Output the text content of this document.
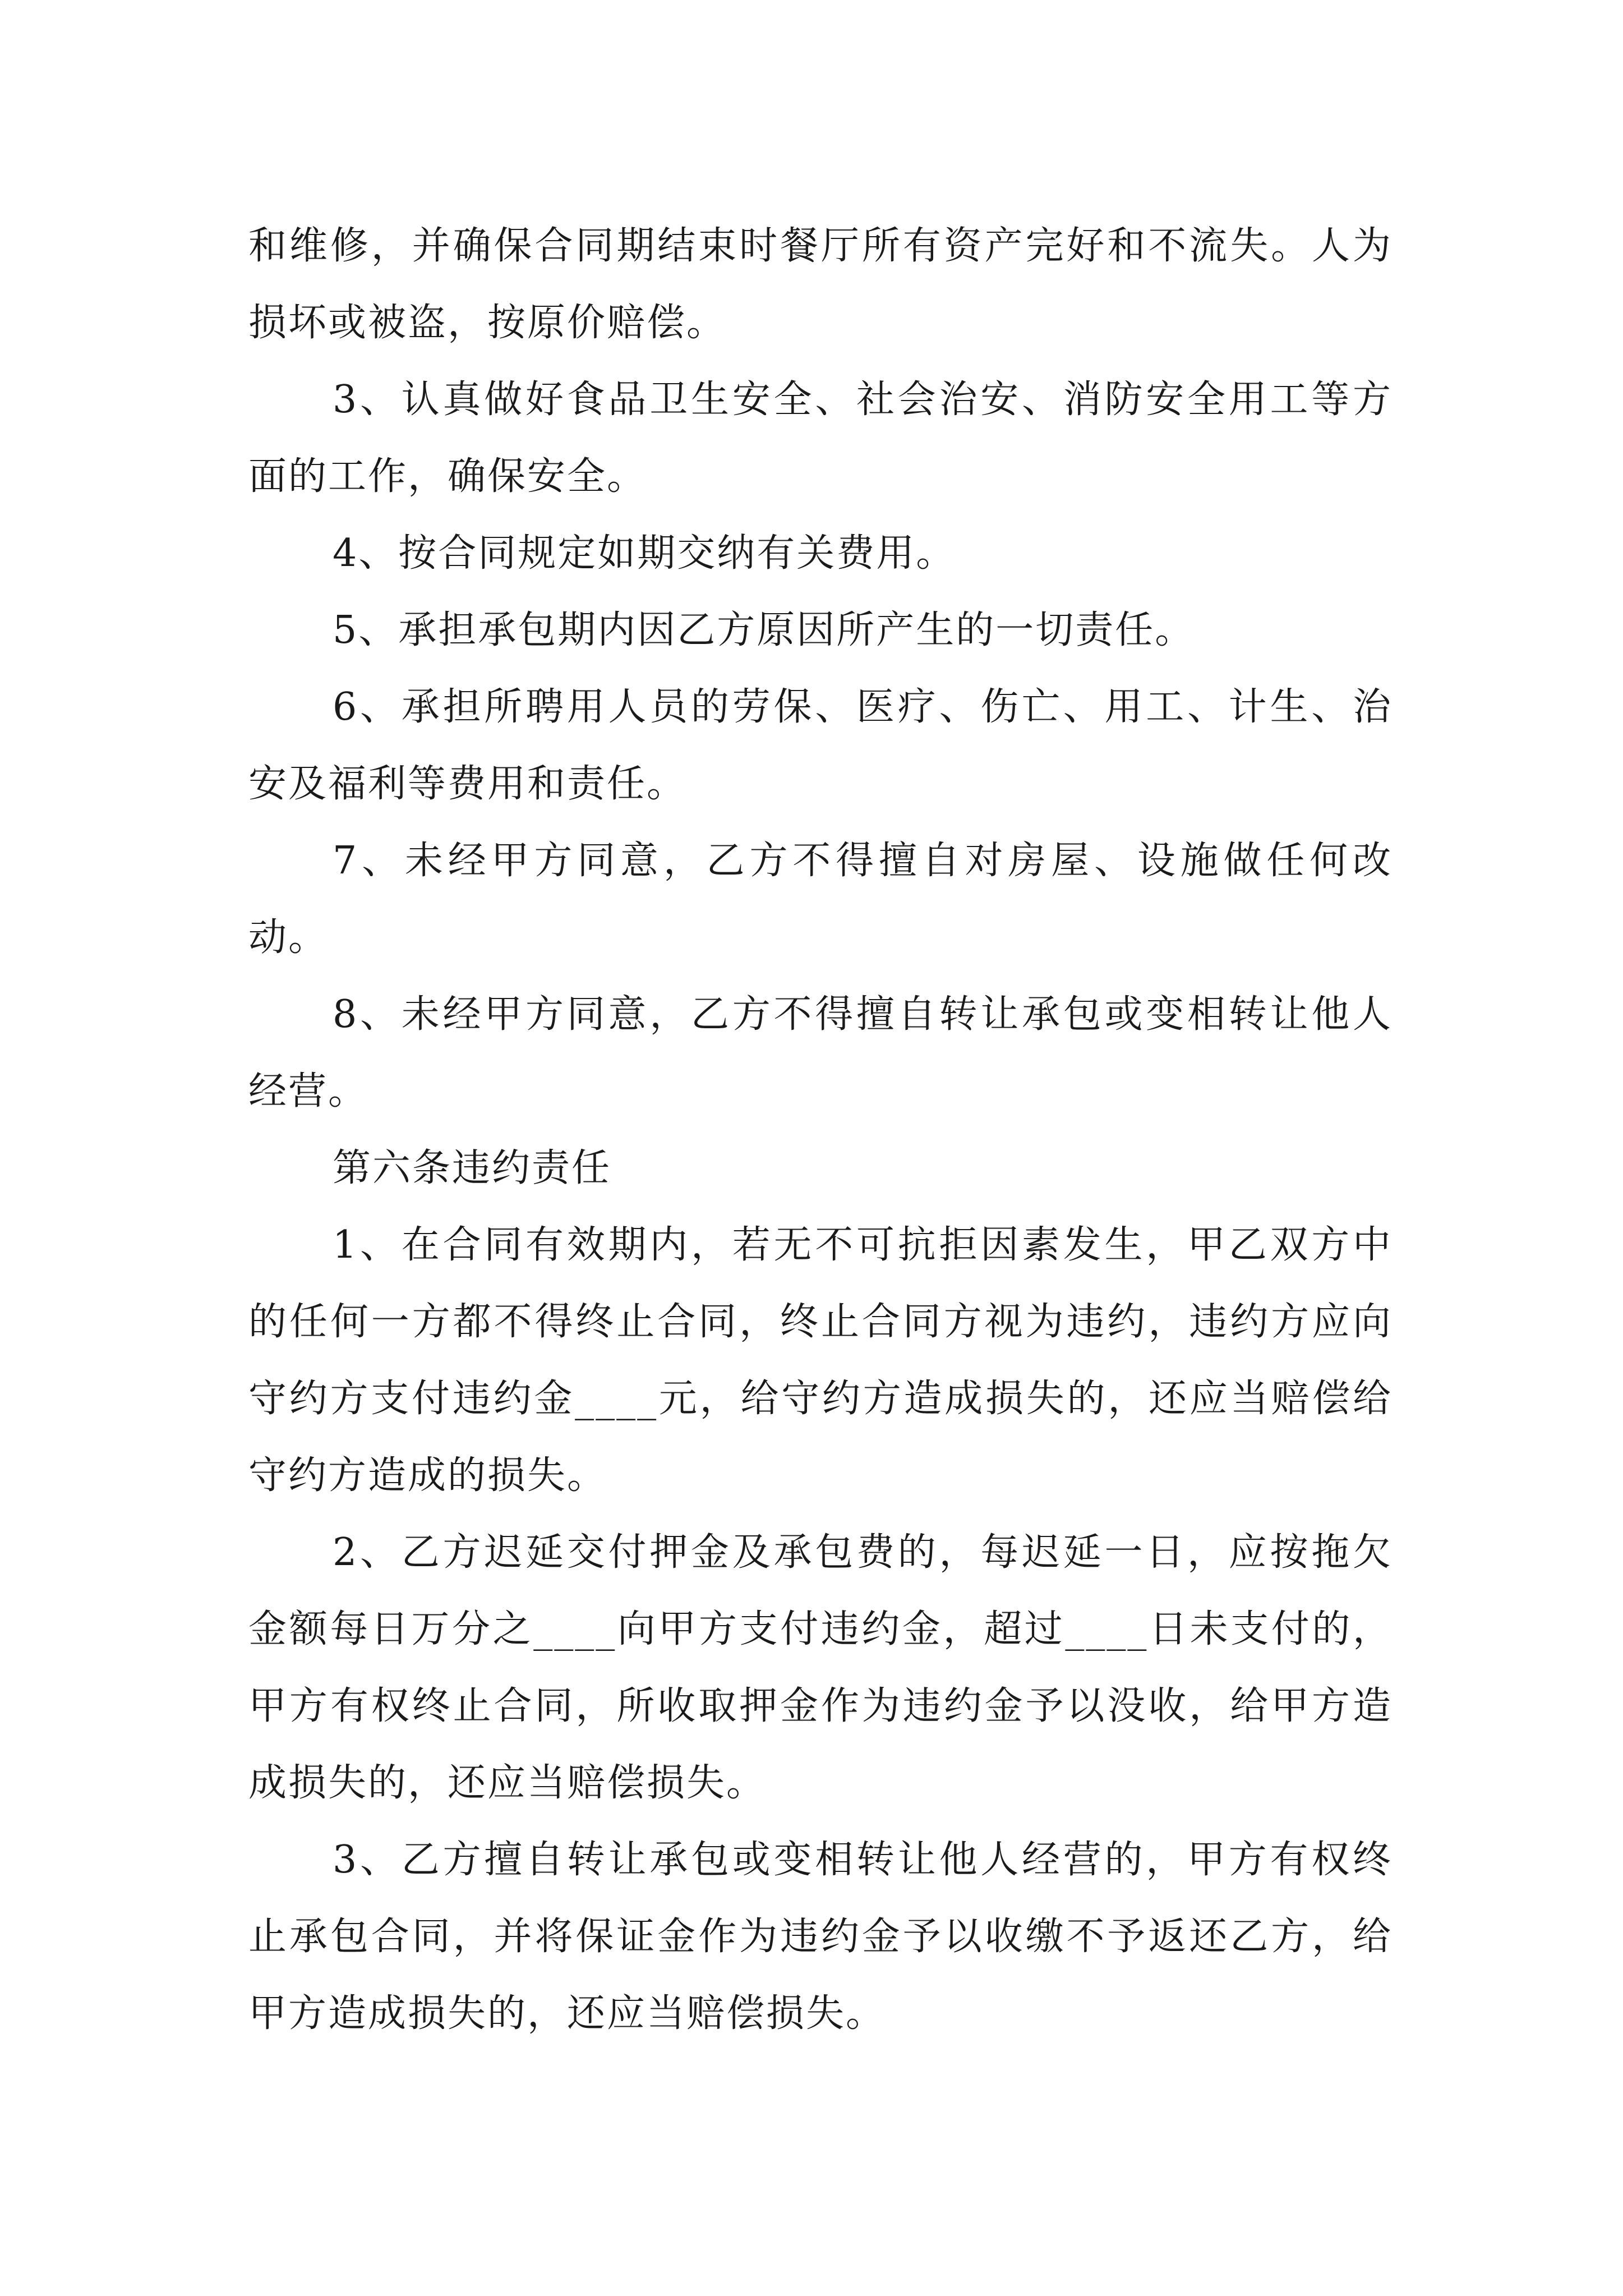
和维修，并确保合同期结束时餐厅所有资产完好和不流失。人为损坏或被盗，按原价赔偿。

3、认真做好食品卫生安全、社会治安、消防安全用工等方面的工作，确保安全。

4、按合同规定如期交纳有关费用。

5、承担承包期内因乙方原因所产生的一切责任。

6、承担所聘用人员的劳保、医疗、伤亡、用工、计生、治安及福利等费用和责任。

7、未经甲方同意，乙方不得擅自对房屋、设施做任何改动。

8、未经甲方同意，乙方不得擅自转让承包或变相转让他人经营。

第六条违约责任

1、在合同有效期内，若无不可抗拒因素发生，甲乙双方中的任何一方都不得终止合同，终止合同方视为违约，违约方应向守约方支付违约金____元，给守约方造成损失的，还应当赔偿给守约方造成的损失。

2、乙方迟延交付押金及承包费的，每迟延一日，应按拖欠金额每日万分之____向甲方支付违约金，超过____日未支付的，甲方有权终止合同，所收取押金作为违约金予以没收，给甲方造成损失的，还应当赔偿损失。

3、乙方擅自转让承包或变相转让他人经营的，甲方有权终止承包合同，并将保证金作为违约金予以收缴不予返还乙方，给甲方造成损失的，还应当赔偿损失。
